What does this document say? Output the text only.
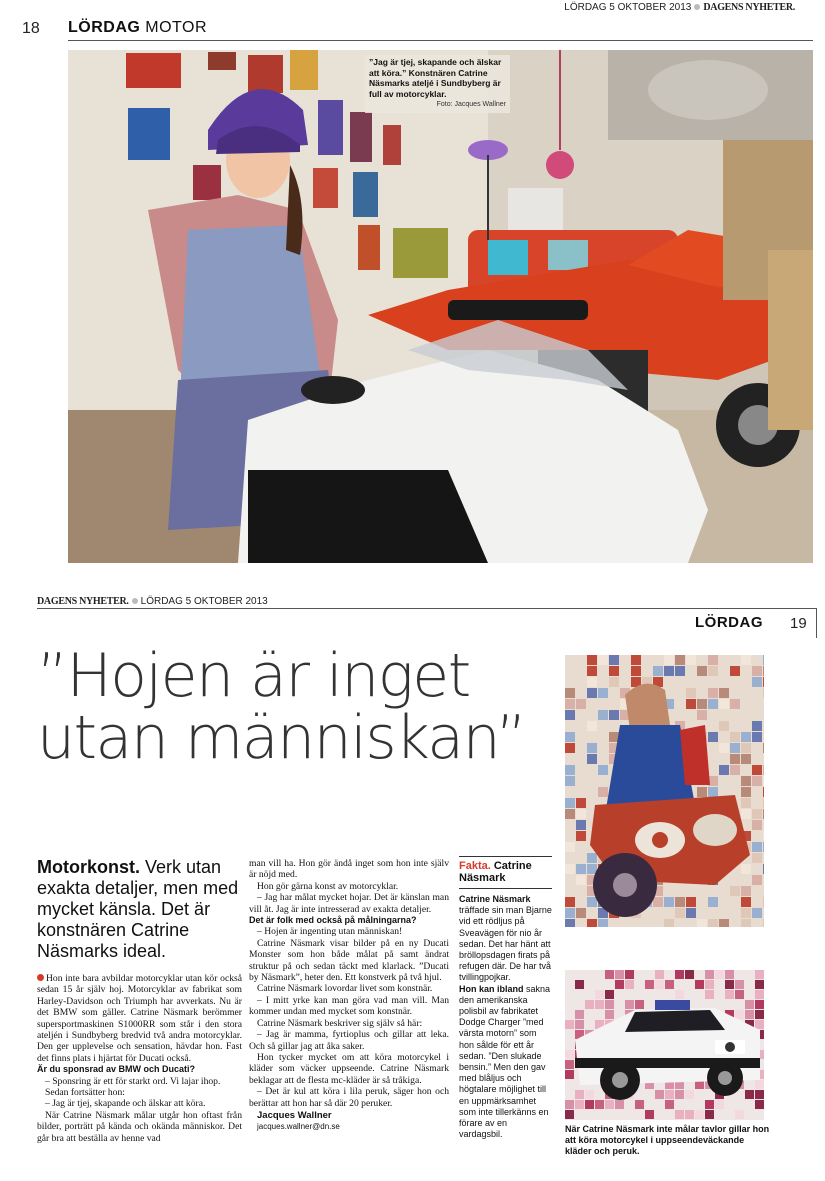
18 LÖRDAG MOTOR
LÖRDAG 5 OKTOBER 2013 DAGENS NYHETER.
”Jag är tjej, skapande och älskar att köra.” Konstnären Catrine Näsmarks ateljé i Sundbyberg är full av motorcyklar.
Foto: Jacques Wallner
DAGENS NYHETER. LÖRDAG 5 OKTOBER 2013
LÖRDAG 19
”Hojen är inget utan människan”
Motorkonst. Verk utan exakta detaljer, men med mycket känsla. Det är konstnären Catrine Näsmarks ideal.

Hon inte bara avbildar motorcyklar utan kör också sedan 15 år själv hoj. Motorcyklar av fabrikat som Harley-Davidson och Triumph har avverkats. Nu är det BMW som gäller. Catrine Näsmark berömmer supersportmaskinen S1000RR som står i den stora ateljén i Sundbyberg bredvid två andra motorcyklar. Den ger upplevelse och sensation, hävdar hon. Fast det finns plats i hjärtat för Ducati också.

Är du sponsrad av BMW och Ducati?

– Sponsring är ett för starkt ord. Vi lajar ihop.

Sedan fortsätter hon:

– Jag är tjej, skapande och älskar att köra.

När Catrine Näsmark målar utgår hon oftast från bilder, porträtt på kända och okända människor. Det går bra att beställa av henne vad

man vill ha. Hon gör ändå inget som hon inte själv är nöjd med.

Hon gör gärna konst av motorcyklar.

– Jag har målat mycket hojar. Det är känslan man vill åt. Jag är inte intresserad av exakta detaljer.

Det är folk med också på målningarna?

– Hojen är ingenting utan människan!

Catrine Näsmark visar bilder på en ny Ducati Monster som hon både målat på samt ändrat struktur på och sedan täckt med klarlack. ”Ducati by Näsmark”, heter den. Ett konstverk på två hjul.

Catrine Näsmark lovordar livet som konstnär.

– I mitt yrke kan man göra vad man vill. Man kommer undan med mycket som konstnär.

Catrine Näsmark beskriver sig själv så här:

– Jag är mamma, fyrtioplus och gillar att leka. Och så gillar jag att åka saker.

Hon tycker mycket om att köra motorcykel i kläder som väcker uppseende. Catrine Näsmark beklagar att de flesta mc-kläder är så tråkiga.

– Det är kul att köra i lila peruk, säger hon och berättar att hon har så där 20 peruker.

Jacques Wallner

jacques.wallner@dn.se

Fakta. Catrine Näsmark

Catrine Näsmark träffade sin man Bjarne vid ett rödljus på Sveavägen för nio år sedan. Det har hänt att bröllopsdagen firats på refugen där. De har två tvillingpojkar.

Hon kan ibland sakna den amerikanska polisbil av fabrikatet Dodge Charger ”med värsta motorn” som hon sålde för ett år sedan. ”Den slukade bensin.” Men den gav med blåljus och högtalare möjlighet till en uppmärksamhet som inte tillerkänns en förare av en vardagsbil.

När Catrine Näsmark inte målar tavlor gillar hon att köra motorcykel i uppseendeväckande kläder och peruk.
